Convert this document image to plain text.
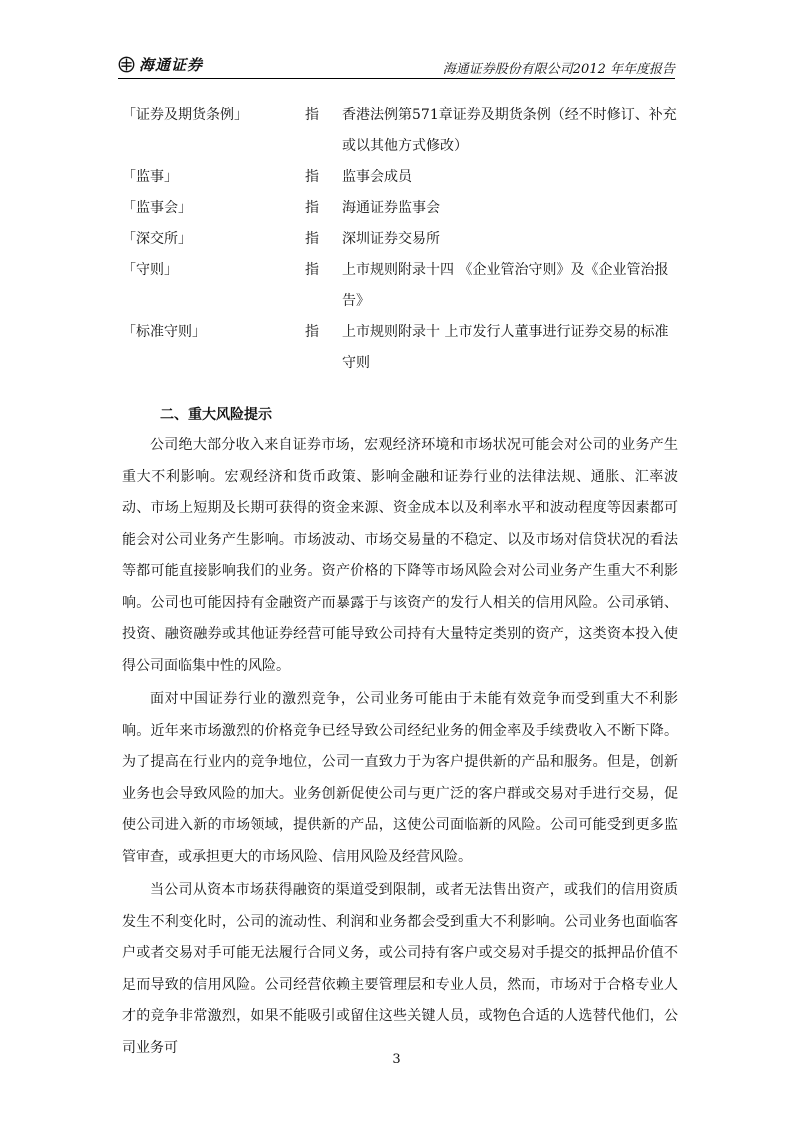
海通证券	海通证券股份有限公司2012 年年度报告
「证券及期货条例」	指	香港法例第571章证券及期货条例（经不时修订、补充或以其他方式修改）
「监事」	指	监事会成员
「监事会」	指	海通证券监事会
「深交所」	指	深圳证券交易所
「守则」	指	上市规则附录十四 《企业管治守则》及《企业管治报告》
「标准守则」	指	上市规则附录十 上市发行人董事进行证券交易的标准守则
二、重大风险提示

公司绝大部分收入来自证券市场，宏观经济环境和市场状况可能会对公司的业务产生重大不利影响。宏观经济和货币政策、影响金融和证券行业的法律法规、通胀、汇率波动、市场上短期及长期可获得的资金来源、资金成本以及利率水平和波动程度等因素都可能会对公司业务产生影响。市场波动、市场交易量的不稳定、以及市场对信贷状况的看法等都可能直接影响我们的业务。资产价格的下降等市场风险会对公司业务产生重大不利影响。公司也可能因持有金融资产而暴露于与该资产的发行人相关的信用风险。公司承销、投资、融资融券或其他证券经营可能导致公司持有大量特定类别的资产，这类资本投入使得公司面临集中性的风险。

面对中国证券行业的激烈竞争，公司业务可能由于未能有效竞争而受到重大不利影响。近年来市场激烈的价格竞争已经导致公司经纪业务的佣金率及手续费收入不断下降。为了提高在行业内的竞争地位，公司一直致力于为客户提供新的产品和服务。但是，创新业务也会导致风险的加大。业务创新促使公司与更广泛的客户群或交易对手进行交易，促使公司进入新的市场领域，提供新的产品，这使公司面临新的风险。公司可能受到更多监管审查，或承担更大的市场风险、信用风险及经营风险。

当公司从资本市场获得融资的渠道受到限制，或者无法售出资产，或我们的信用资质发生不利变化时，公司的流动性、利润和业务都会受到重大不利影响。公司业务也面临客户或者交易对手可能无法履行合同义务，或公司持有客户或交易对手提交的抵押品价值不足而导致的信用风险。公司经营依赖主要管理层和专业人员，然而，市场对于合格专业人才的竞争非常激烈，如果不能吸引或留住这些关键人员，或物色合适的人选替代他们，公司业务可

3
